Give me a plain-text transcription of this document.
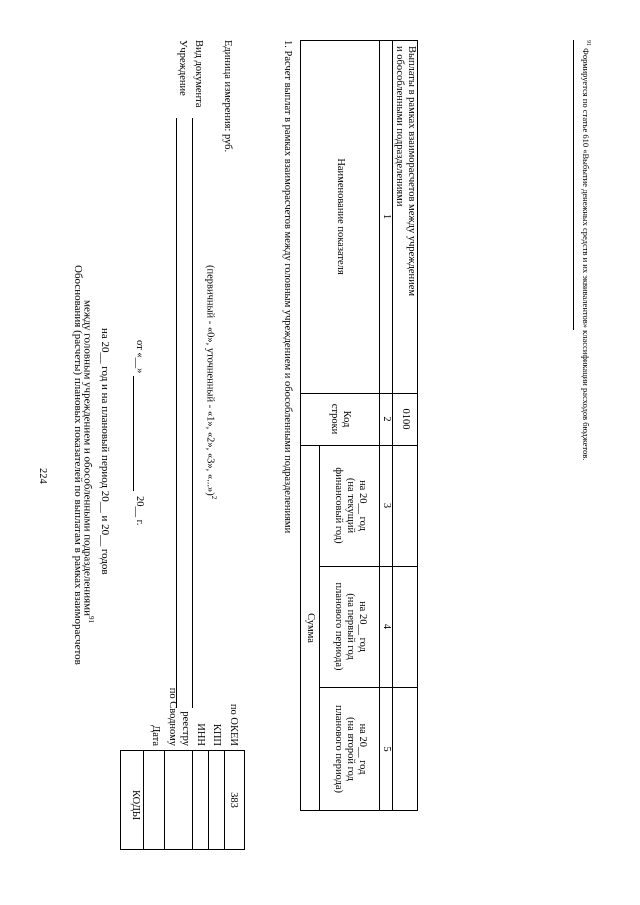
224 Обоснования (расчеты) плановых показателей по выплатам в рамках взаиморасчетов
между головным учреждением и обособленными подразделениями$^{91}$
на 20__ год и на плановый период 20__ и 20__ годов от «__»
20__ г.
КОДЫ
Дата по Сводному реестру ИНН КПП по ОКЕИ
383
Учреждение Вид документа
(первичный - «0», уточненный - «1», «2», «3», «...»)$^2$
Единица измерения: руб.	1. Расчет выплат в рамках взаиморасчетов между головным учреждением и обособленными подразделениями	Наименование показателя
Код строки
Сумма
на 20__ год
(на текущий
финансовый год)
на 20__ год
(на первый год
планового периода)
на 20__ год
(на второй год
планового периода)
1
2
3
4
5
Выплаты в рамках взаиморасчетов между учреждением
и обособленными подразделениями
0100
$^{91}$ Формируется по статье 610 «Выбытие денежных средств и их эквивалентов» классификации расходов бюджетов.
